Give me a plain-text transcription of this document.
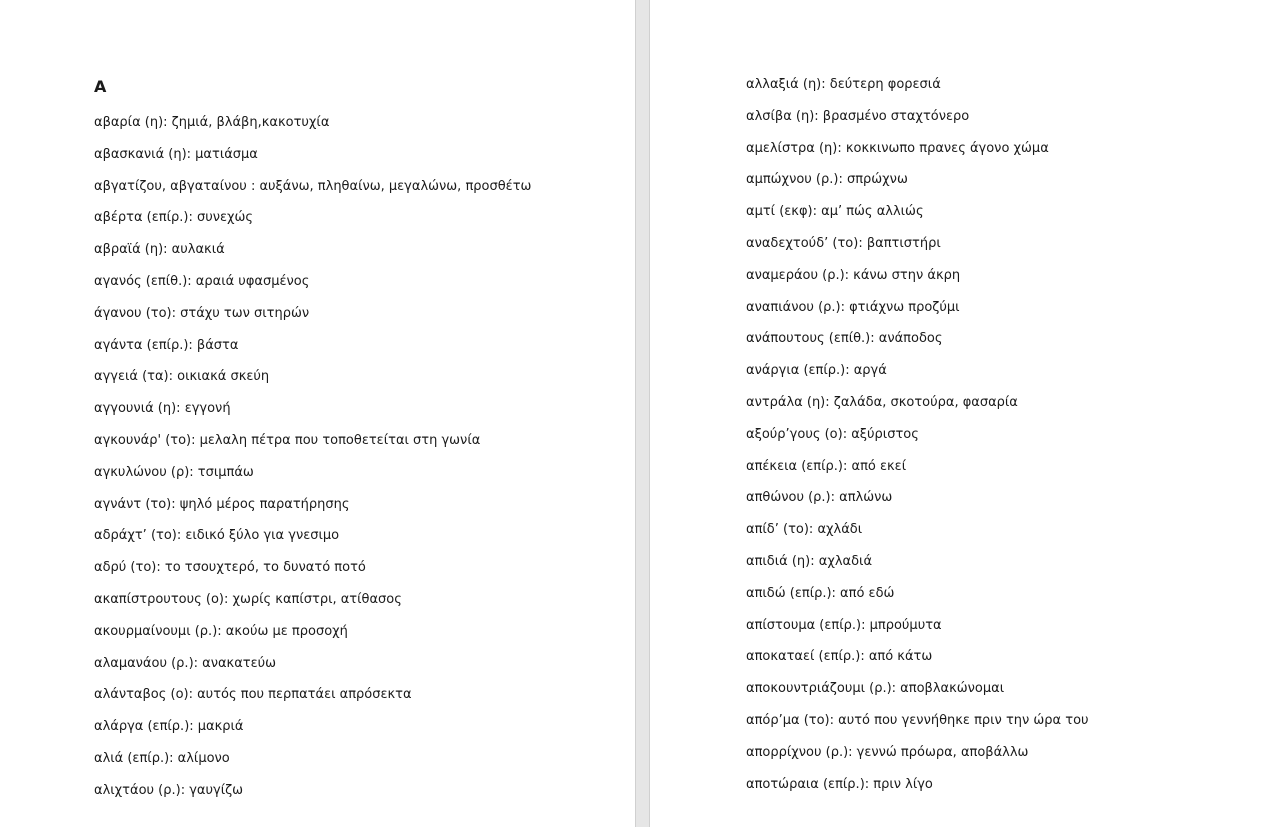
Α
αβαρία (η): ζημιά, βλάβη,κακοτυχία
αβασκανιά (η): ματιάσμα
αβγατίζου, αβγαταίνου : αυξάνω, πληθαίνω, μεγαλώνω, προσθέτω
αβέρτα (επίρ.): συνεχώς
αβραϊά (η): αυλακιά
αγανός (επίθ.): αραιά υφασμένος
άγανου (το): στάχυ των σιτηρών
αγάντα (επίρ.): βάστα
αγγειά (τα): οικιακά σκεύη
αγγουνιά (η): εγγονή
αγκουνάρ' (το): μελαλη πέτρα που τοποθετείται στη γωνία
αγκυλώνου (ρ): τσιμπάω
αγνάντ (το): ψηλό μέρος παρατήρησης
αδράχτ’ (το): ειδικό ξύλο για γνεσιμο
αδρύ (το): το τσουχτερό, το δυνατό ποτό
ακαπίστρουτους (ο): χωρίς καπίστρι, ατίθασος
ακουρμαίνουμι (ρ.): ακούω με προσοχή
αλαμανάου (ρ.): ανακατεύω
αλάνταβος (ο): αυτός που περπατάει απρόσεκτα
αλάργα (επίρ.): μακριά
αλιά (επίρ.): αλίμονο
αλιχτάου (ρ.): γαυγίζω
αλλαξιά (η): δεύτερη φορεσιά
αλσίβα (η): βρασμένο σταχτόνερο
αμελίστρα (η): κοκκινωπο πρανες άγονο χώμα
αμπώχνου (ρ.): σπρώχνω
αμτί (εκφ): αμ’ πώς αλλιώς
αναδεχτούδ’ (το): βαπτιστήρι
αναμεράου (ρ.): κάνω στην άκρη
αναπιάνου (ρ.): φτιάχνω προζύμι
ανάπουτους (επίθ.): ανάποδος
ανάργια (επίρ.): αργά
αντράλα (η): ζαλάδα, σκοτούρα, φασαρία
αξούρ’γους (ο): αξύριστος
απέκεια (επίρ.): από εκεί
απθώνου (ρ.): απλώνω
απίδ’ (το): αχλάδι
απιδιά (η): αχλαδιά
απιδώ (επίρ.): από εδώ
απίστουμα (επίρ.): μπρούμυτα
αποκαταεί (επίρ.): από κάτω
αποκουντριάζουμι (ρ.): αποβλακώνομαι
απόρ’μα (το): αυτό που γεννήθηκε πριν την ώρα του
απορρίχνου (ρ.): γεννώ πρόωρα, αποβάλλω
αποτώραια (επίρ.): πριν λίγο
